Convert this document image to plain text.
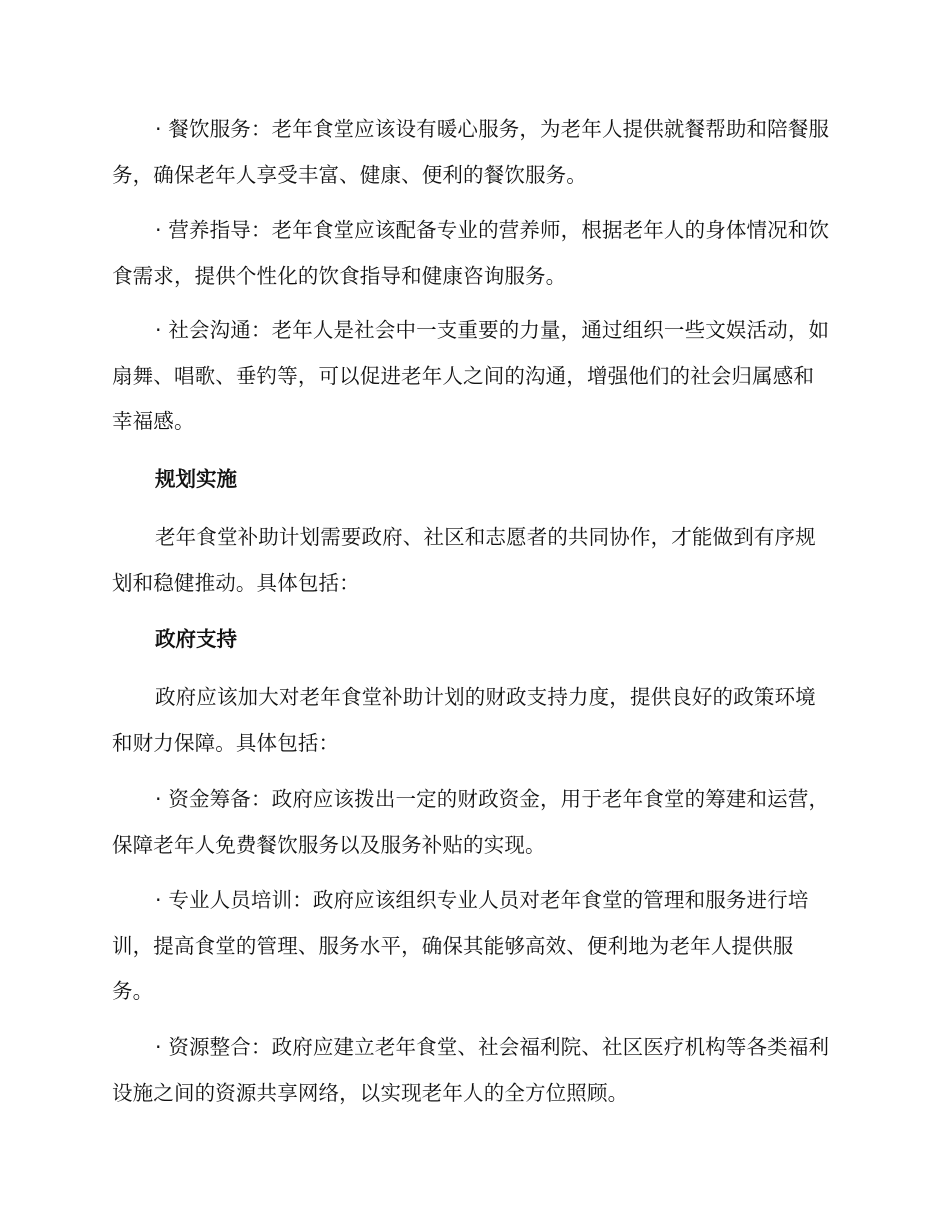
· 餐饮服务：老年食堂应该设有暖心服务，为老年人提供就餐帮助和陪餐服务，确保老年人享受丰富、健康、便利的餐饮服务。

· 营养指导：老年食堂应该配备专业的营养师，根据老年人的身体情况和饮食需求，提供个性化的饮食指导和健康咨询服务。

· 社会沟通：老年人是社会中一支重要的力量，通过组织一些文娱活动，如扇舞、唱歌、垂钓等，可以促进老年人之间的沟通，增强他们的社会归属感和幸福感。

规划实施

老年食堂补助计划需要政府、社区和志愿者的共同协作，才能做到有序规划和稳健推动。具体包括：

政府支持

政府应该加大对老年食堂补助计划的财政支持力度，提供良好的政策环境和财力保障。具体包括：

· 资金筹备：政府应该拨出一定的财政资金，用于老年食堂的筹建和运营，保障老年人免费餐饮服务以及服务补贴的实现。

· 专业人员培训：政府应该组织专业人员对老年食堂的管理和服务进行培训，提高食堂的管理、服务水平，确保其能够高效、便利地为老年人提供服务。

· 资源整合：政府应建立老年食堂、社会福利院、社区医疗机构等各类福利设施之间的资源共享网络，以实现老年人的全方位照顾。
